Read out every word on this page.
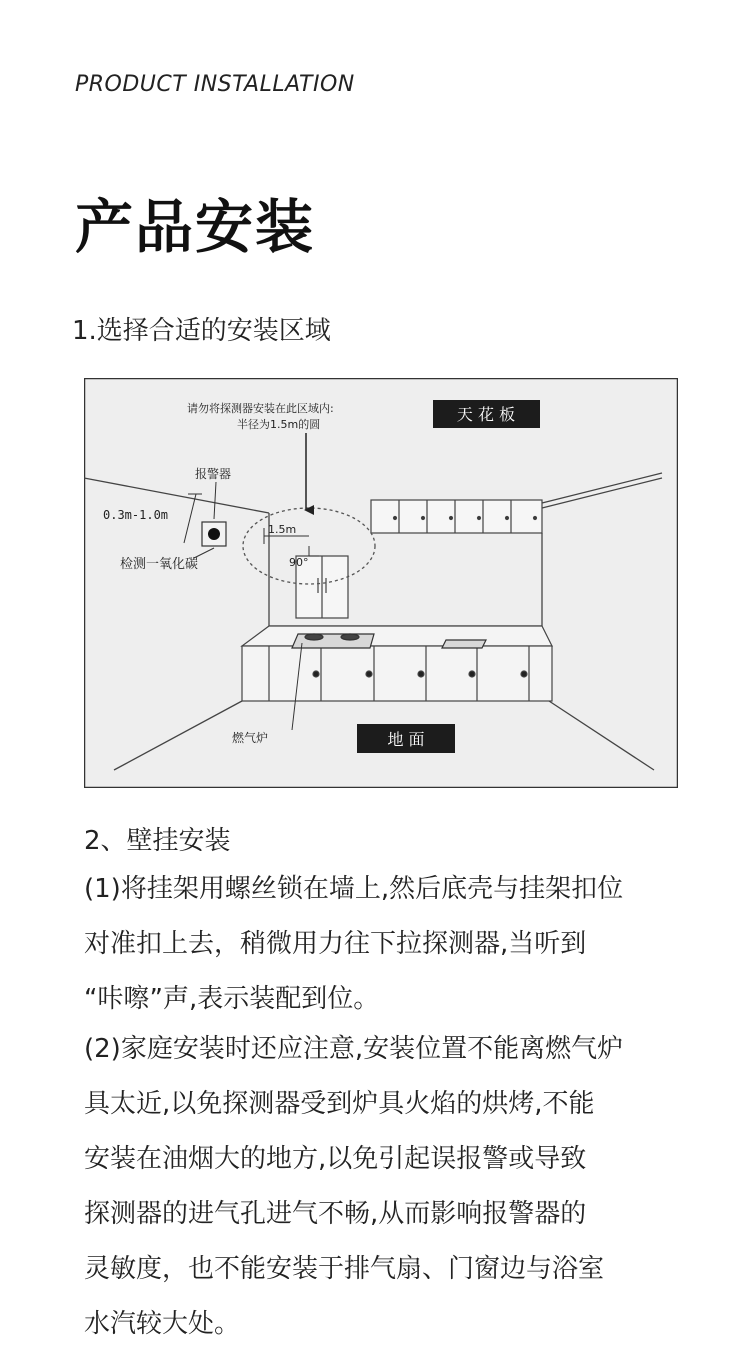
PRODUCT INSTALLATION
产品安装
1.选择合适的安装区域
请勿将探测器安装在此区域内:
半径为1.5m的圆
天 花 板
报警器
0.3m-1.0m
检测一氧化碳
1.5m
90°
燃气炉	地 面
2、壁挂安装
(1)将挂架用螺丝锁在墙上,然后底壳与挂架扣位
对准扣上去，稍微用力往下拉探测器,当听到
“咔嚓”声,表示装配到位。
(2)家庭安装时还应注意,安装位置不能离燃气炉
具太近,以免探测器受到炉具火焰的烘烤,不能
安装在油烟大的地方,以免引起误报警或导致
探测器的进气孔进气不畅,从而影响报警器的
灵敏度，也不能安装于排气扇、门窗边与浴室
水汽较大处。
